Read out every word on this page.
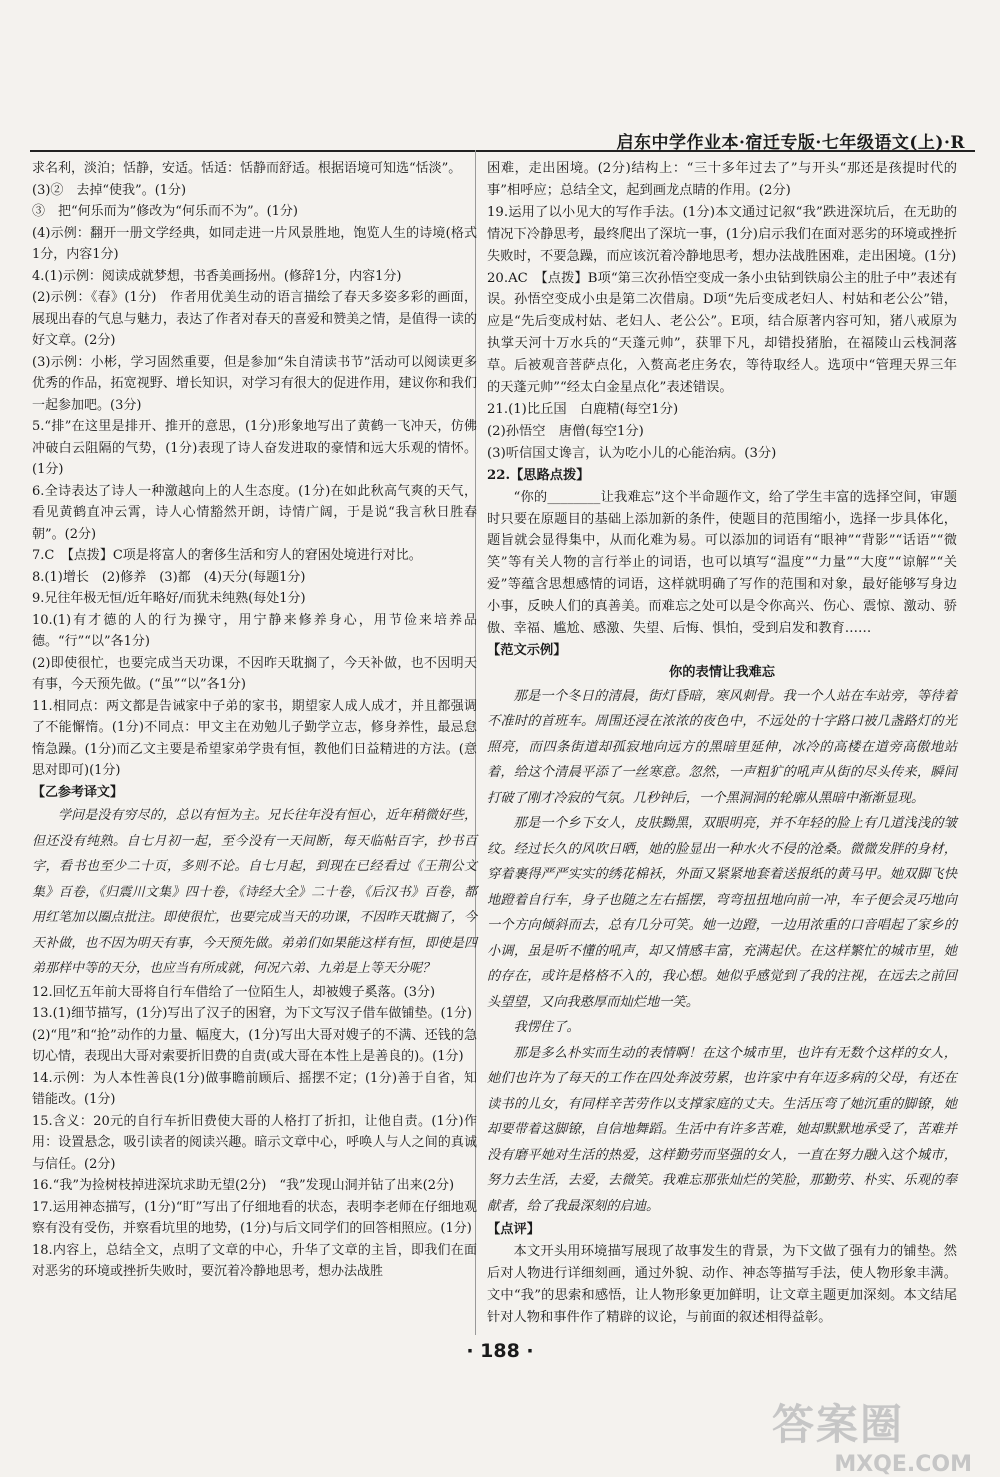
启东中学作业本·宿迁专版·七年级语文(上)·R

求名利，淡泊；恬静，安适。恬适：恬静而舒适。根据语境可知选“恬淡”。

(3)②　去掉“使我”。(1分)

③　把“何乐而为”修改为“何乐而不为”。(1分)

(4)示例：翻开一册文学经典，如同走进一片风景胜地，饱览人生的诗境(格式1分，内容1分)

4.(1)示例：阅读成就梦想，书香美画扬州。(修辞1分，内容1分)

(2)示例：《春》(1分)　作者用优美生动的语言描绘了春天多姿多彩的画面，展现出春的气息与魅力，表达了作者对春天的喜爱和赞美之情，是值得一读的好文章。(2分)

(3)示例：小彬，学习固然重要，但是参加“朱自清读书节”活动可以阅读更多优秀的作品，拓宽视野、增长知识，对学习有很大的促进作用，建议你和我们一起参加吧。(3分)

5.“排”在这里是排开、推开的意思，(1分)形象地写出了黄鹤一飞冲天，仿佛冲破白云阻隔的气势，(1分)表现了诗人奋发进取的豪情和远大乐观的情怀。(1分)

6.全诗表达了诗人一种激越向上的人生态度。(1分)在如此秋高气爽的天气，看见黄鹤直冲云霄，诗人心情豁然开朗，诗情广阔，于是说“我言秋日胜春朝”。(2分)

7.C　【点拨】C项是将富人的奢侈生活和穷人的窘困处境进行对比。

8.(1)增长　(2)修养　(3)都　(4)天分(每题1分)

9.兄往年极无恒/近年略好/而犹未纯熟(每处1分)

10.(1)有才德的人的行为操守，用宁静来修养身心，用节俭来培养品德。“行”“以”各1分)

(2)即使很忙，也要完成当天功课，不因昨天耽搁了，今天补做，也不因明天有事，今天预先做。(“虽”“以”各1分)

11.相同点：两文都是告诫家中子弟的家书，期望家人成人成才，并且都强调了不能懈惰。(1分)不同点：甲文主在劝勉儿子勤学立志，修身养性，最忌怠惰急躁。(1分)而乙文主要是希望家弟学贵有恒，教他们日益精进的方法。(意思对即可)(1分)

【乙参考译文】

学问是没有穷尽的，总以有恒为主。兄长往年没有恒心，近年稍微好些，但还没有纯熟。自七月初一起，至今没有一天间断，每天临帖百字，抄书百字，看书也至少二十页，多则不论。自七月起，到现在已经看过《王荆公文集》百卷，《归震川文集》四十卷，《诗经大全》二十卷，《后汉书》百卷，都用红笔加以圈点批注。即使很忙，也要完成当天的功课，不因昨天耽搁了，今天补做，也不因为明天有事，今天预先做。弟弟们如果能这样有恒，即使是四弟那样中等的天分，也应当有所成就，何况六弟、九弟是上等天分呢？

12.回忆五年前大哥将自行车借给了一位陌生人，却被嫂子奚落。(3分)

13.(1)细节描写，(1分)写出了汉子的困窘，为下文写汉子借车做铺垫。(1分)

(2)“甩”和“抢”动作的力量、幅度大，(1分)写出大哥对嫂子的不满、还钱的急切心情，表现出大哥对索要折旧费的自责(或大哥在本性上是善良的)。(1分)

14.示例：为人本性善良(1分)做事瞻前顾后、摇摆不定；(1分)善于自省，知错能改。(1分)

15.含义：20元的自行车折旧费使大哥的人格打了折扣，让他自责。(1分)作用：设置悬念，吸引读者的阅读兴趣。暗示文章中心，呼唤人与人之间的真诚与信任。(2分)

16.“我”为捡树枝掉进深坑求助无望(2分)　“我”发现山洞并钻了出来(2分)

17.运用神态描写，(1分)“盯”写出了仔细地看的状态，表明李老师在仔细地观察有没有受伤，并察看坑里的地势，(1分)与后文同学们的回答相照应。(1分)

18.内容上，总结全文，点明了文章的中心，升华了文章的主旨，即我们在面对恶劣的环境或挫折失败时，要沉着冷静地思考，想办法战胜

困难，走出困境。(2分)结构上：“三十多年过去了”与开头“那还是孩提时代的事”相呼应；总结全文，起到画龙点睛的作用。(2分)

19.运用了以小见大的写作手法。(1分)本文通过记叙“我”跌进深坑后，在无助的情况下冷静思考，最终爬出了深坑一事，(1分)启示我们在面对恶劣的环境或挫折失败时，不要急躁，而应该沉着冷静地思考，想办法战胜困难，走出困境。(1分)

20.AC　【点拨】B项“第三次孙悟空变成一条小虫钻到铁扇公主的肚子中”表述有误。孙悟空变成小虫是第二次借扇。D项“先后变成老妇人、村姑和老公公”错，应是“先后变成村姑、老妇人、老公公”。E项，结合原著内容可知，猪八戒原为执掌天河十万水兵的“天蓬元帅”，获罪下凡，却错投猪胎，在福陵山云栈洞落草。后被观音菩萨点化，入赘高老庄务农，等待取经人。选项中“管理天界三年的天蓬元帅”“经太白金星点化”表述错误。

21.(1)比丘国　白鹿精(每空1分)

(2)孙悟空　唐僧(每空1分)

(3)听信国丈谗言，认为吃小儿的心能治病。(3分)

22.【思路点拨】

“你的________让我难忘”这个半命题作文，给了学生丰富的选择空间，审题时只要在原题目的基础上添加新的条件，使题目的范围缩小，选择一步具体化，题旨就会显得集中，从而化难为易。可以添加的词语有“眼神”“背影”“话语”“微笑”等有关人物的言行举止的词语，也可以填写“温度”“力量”“大度”“谅解”“关爱”等蕴含思想感情的词语，这样就明确了写作的范围和对象，最好能够写身边小事，反映人们的真善美。而难忘之处可以是令你高兴、伤心、震惊、激动、骄傲、幸福、尴尬、感激、失望、后悔、惧怕，受到启发和教育……

【范文示例】

你的表情让我难忘

那是一个冬日的清晨，街灯昏暗，寒风刺骨。我一个人站在车站旁，等待着不准时的首班车。周围还浸在浓浓的夜色中，不远处的十字路口被几盏路灯的光照亮，而四条街道却孤寂地向远方的黑暗里延伸，冰冷的高楼在道旁高傲地站着，给这个清晨平添了一丝寒意。忽然，一声粗犷的吼声从街的尽头传来，瞬间打破了刚才冷寂的气氛。几秒钟后，一个黑洞洞的轮廓从黑暗中渐渐显现。

那是一个乡下女人，皮肤黝黑，双眼明亮，并不年轻的脸上有几道浅浅的皱纹。经过长久的风吹日晒，她的脸显出一种水火不侵的沧桑。微微发胖的身材，穿着裹得严严实实的绣花棉袄，外面又紧紧地套着送报纸的黄马甲。她双脚飞快地蹬着自行车，身子也随之左右摇摆，弯弯扭扭地向前一冲，车子便会灵巧地向一个方向倾斜而去，总有几分可笑。她一边蹬，一边用浓重的口音唱起了家乡的小调，虽是听不懂的吼声，却又情感丰富，充满起伏。在这样繁忙的城市里，她的存在，或许是格格不入的，我心想。她似乎感觉到了我的注视，在远去之前回头望望，又向我憨厚而灿烂地一笑。

我愣住了。

那是多么朴实而生动的表情啊！在这个城市里，也许有无数个这样的女人，她们也许为了每天的工作在四处奔波劳累，也许家中有年迈多病的父母，有还在读书的儿女，有同样辛苦劳作以支撑家庭的丈夫。生活压弯了她沉重的脚镣，她却要带着这脚镣，自信地舞蹈。生活中有许多苦难，她却默默地承受了，苦难并没有磨平她对生活的热爱，这样勤劳而坚强的女人，一直在努力融入这个城市，努力去生活，去爱，去微笑。我难忘那张灿烂的笑脸，那勤劳、朴实、乐观的奉献者，给了我最深刻的启迪。

【点评】

本文开头用环境描写展现了故事发生的背景，为下文做了强有力的铺垫。然后对人物进行详细刻画，通过外貌、动作、神态等描写手法，使人物形象丰满。文中“我”的思索和感悟，让人物形象更加鲜明，让文章主题更加深刻。本文结尾针对人物和事件作了精辟的议论，与前面的叙述相得益彰。

· 188 ·
答案圈
MXQE.COM
